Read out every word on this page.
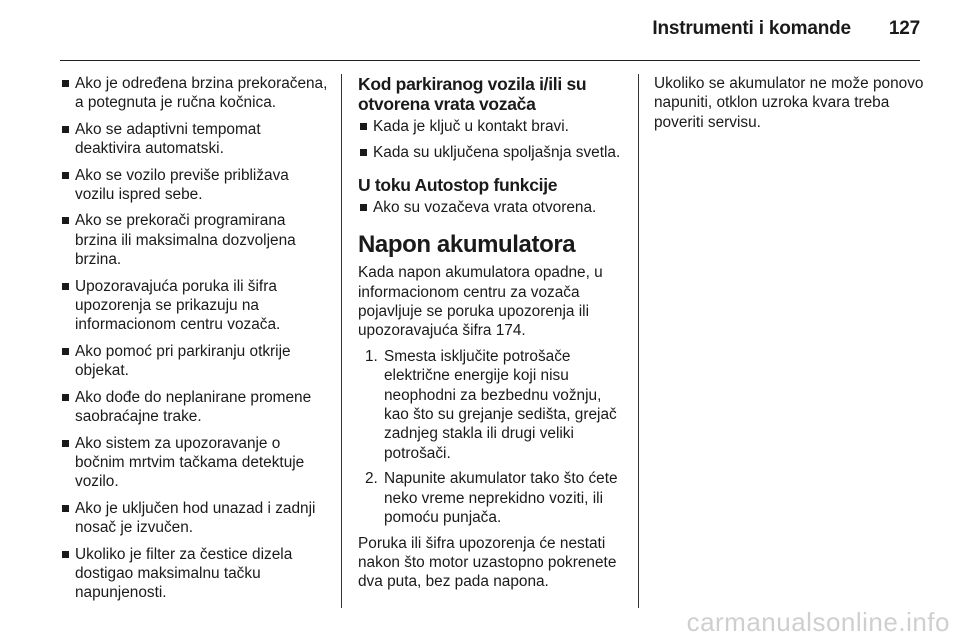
Instrumenti i komande 127
Ako je određena brzina prekoračena, a potegnuta je ručna kočnica.
Ako se adaptivni tempomat deaktivira automatski.
Ako se vozilo previše približava vozilu ispred sebe.
Ako se prekorači programirana brzina ili maksimalna dozvoljena brzina.
Upozoravajuća poruka ili šifra upozorenja se prikazuju na informacionom centru vozača.
Ako pomoć pri parkiranju otkrije objekat.
Ako dođe do neplanirane promene saobraćajne trake.
Ako sistem za upozoravanje o bočnim mrtvim tačkama detektuje vozilo.
Ako je uključen hod unazad i zadnji nosač je izvučen.
Ukoliko je filter za čestice dizela dostigao maksimalnu tačku napunjenosti.
Kod parkiranog vozila i/ili su otvorena vrata vozača
Kada je ključ u kontakt bravi.
Kada su uključena spoljašnja svetla.
U toku Autostop funkcije
Ako su vozačeva vrata otvorena.
Napon akumulatora

Kada napon akumulatora opadne, u informacionom centru za vozača pojavljuje se poruka upozorenja ili upozoravajuća šifra 174.

1. Smesta isključite potrošače električne energije koji nisu neophodni za bezbednu vožnju, kao što su grejanje sedišta, grejač zadnjeg stakla ili drugi veliki potrošači.
2. Napunite akumulator tako što ćete neko vreme neprekidno voziti, ili pomoću punjača.

Poruka ili šifra upozorenja će nestati nakon što motor uzastopno pokrenete dva puta, bez pada napona.

Ukoliko se akumulator ne može ponovo napuniti, otklon uzroka kvara treba poveriti servisu.

carmanualsonline.info
